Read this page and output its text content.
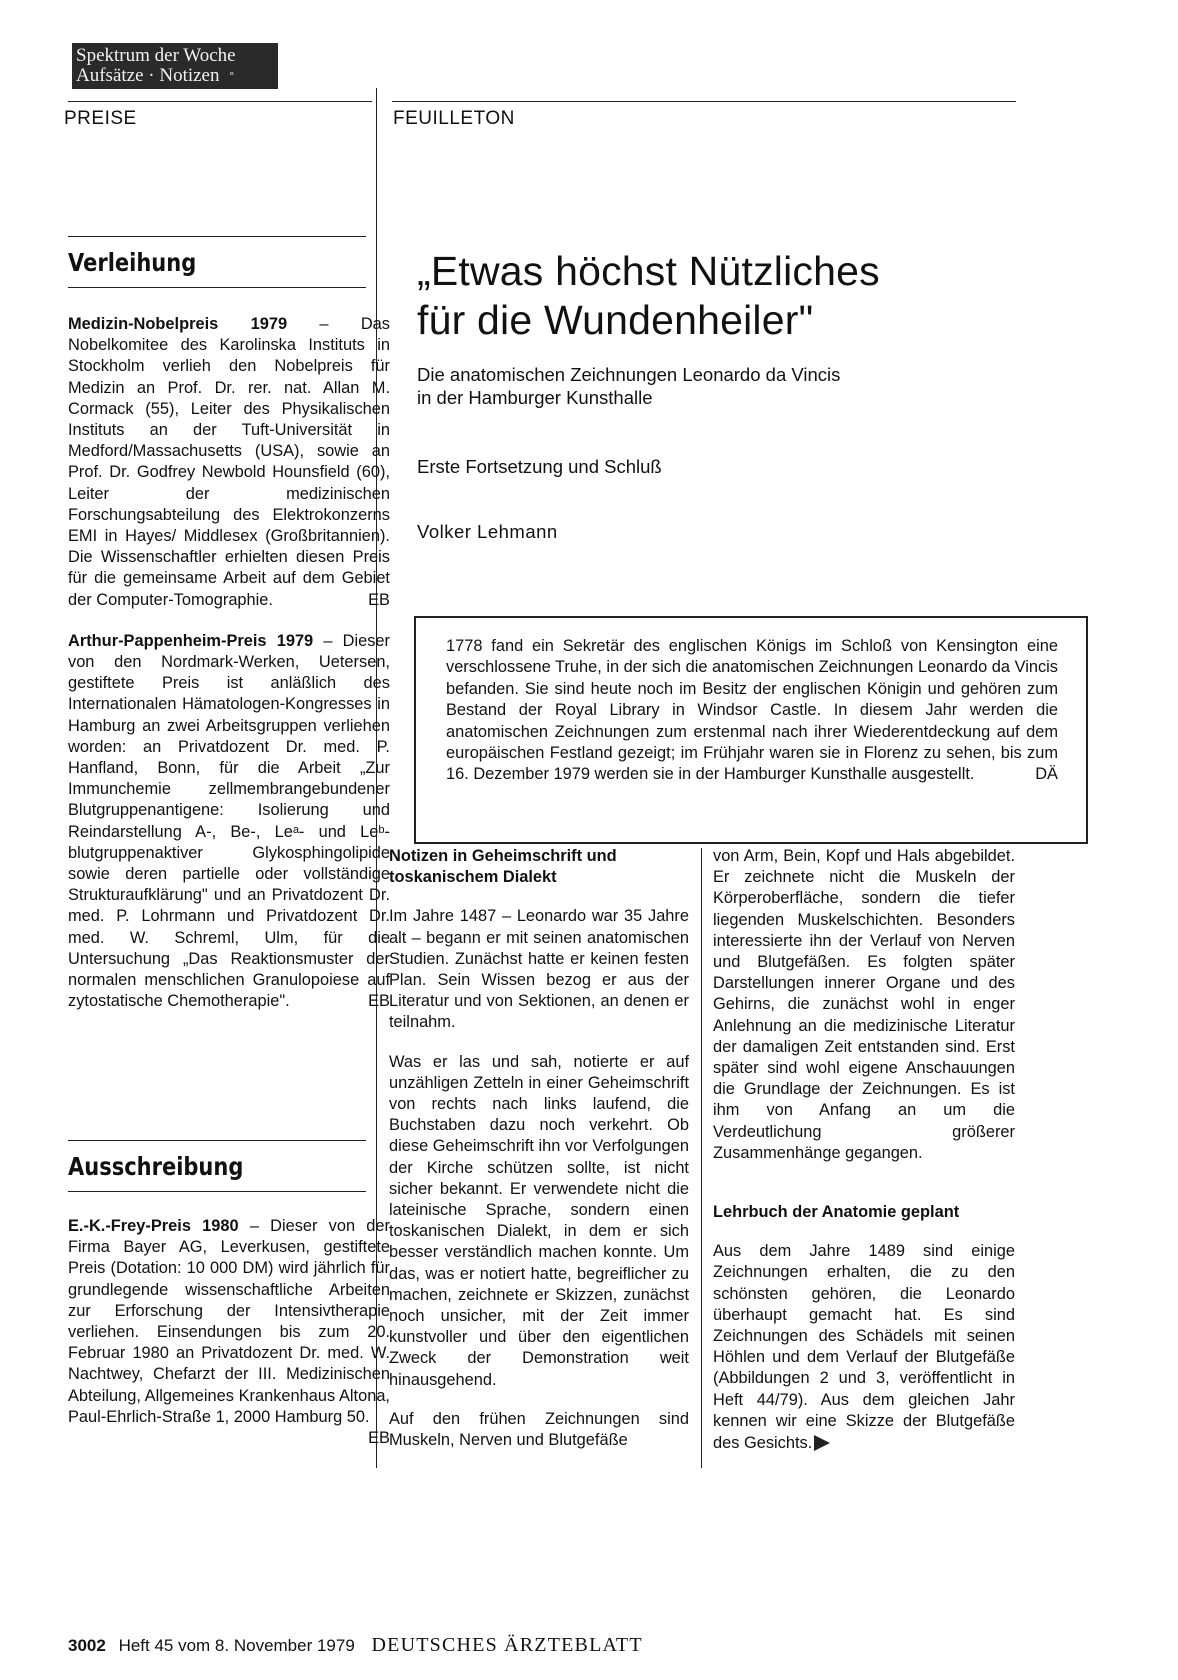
Spektrum der Woche
Aufsätze · Notizen °
PREISE	FEUILLETON
Verleihung

Medizin-Nobelpreis 1979 – Das Nobelkomitee des Karolinska Instituts in Stockholm verlieh den Nobelpreis für Medizin an Prof. Dr. rer. nat. Allan M. Cormack (55), Leiter des Physikalischen Instituts an der Tuft-Universität in Medford/Massachusetts (USA), sowie an Prof. Dr. Godfrey Newbold Hounsfield (60), Leiter der medizinischen Forschungsabteilung des Elektrokonzerns EMI in Hayes/ Middlesex (Großbritannien). Die Wissenschaftler erhielten diesen Preis für die gemeinsame Arbeit auf dem Gebiet der Computer-Tomographie.	EB

Arthur-Pappenheim-Preis 1979 – Dieser von den Nordmark-Werken, Uetersen, gestiftete Preis ist anläßlich des Internationalen Hämatologen-Kongresses in Hamburg an zwei Arbeitsgruppen verliehen worden: an Privatdozent Dr. med. P. Hanfland, Bonn, für die Arbeit „Zur Immunchemie zellmembrangebundener Blutgruppenantigene: Isolierung und Reindarstellung A-, Be-, Leᵃ- und Leᵇ-blutgruppenaktiver Glykosphingolipide sowie deren partielle oder vollständige Strukturaufklärung" und an Privatdozent Dr. med. P. Lohrmann und Privatdozent Dr. med. W. Schreml, Ulm, für die Untersuchung „Das Reaktionsmuster der normalen menschlichen Granulopoiese auf zytostatische Chemotherapie".	EB

Ausschreibung

E.-K.-Frey-Preis 1980 – Dieser von der Firma Bayer AG, Leverkusen, gestiftete Preis (Dotation: 10 000 DM) wird jährlich für grundlegende wissenschaftliche Arbeiten zur Erforschung der Intensivtherapie verliehen. Einsendungen bis zum 20. Februar 1980 an Privatdozent Dr. med. W. Nachtwey, Chefarzt der III. Medizinischen Abteilung, Allgemeines Krankenhaus Altona, Paul-Ehrlich-Straße 1, 2000 Hamburg 50.
EB

„Etwas höchst Nützliches
für die Wundenheiler"
Die anatomischen Zeichnungen Leonardo da Vincis
in der Hamburger Kunsthalle
Erste Fortsetzung und Schluß
Volker Lehmann

1778 fand ein Sekretär des englischen Königs im Schloß von Kensington eine verschlossene Truhe, in der sich die anatomischen Zeichnungen Leonardo da Vincis befanden. Sie sind heute noch im Besitz der englischen Königin und gehören zum Bestand der Royal Library in Windsor Castle. In diesem Jahr werden die anatomischen Zeichnungen zum erstenmal nach ihrer Wiederentdeckung auf dem europäischen Festland gezeigt; im Frühjahr waren sie in Florenz zu sehen, bis zum 16. Dezember 1979 werden sie in der Hamburger Kunsthalle ausgestellt.	DÄ

Notizen in Geheimschrift und toskanischem Dialekt

Im Jahre 1487 – Leonardo war 35 Jahre alt – begann er mit seinen anatomischen Studien. Zunächst hatte er keinen festen Plan. Sein Wissen bezog er aus der Literatur und von Sektionen, an denen er teilnahm.

Was er las und sah, notierte er auf unzähligen Zetteln in einer Geheimschrift von rechts nach links laufend, die Buchstaben dazu noch verkehrt. Ob diese Geheimschrift ihn vor Verfolgungen der Kirche schützen sollte, ist nicht sicher bekannt. Er verwendete nicht die lateinische Sprache, sondern einen toskanischen Dialekt, in dem er sich besser verständlich machen konnte. Um das, was er notiert hatte, begreiflicher zu machen, zeichnete er Skizzen, zunächst noch unsicher, mit der Zeit immer kunstvoller und über den eigentlichen Zweck der Demonstration weit hinausgehend.

Auf den frühen Zeichnungen sind Muskeln, Nerven und Blutgefäße

von Arm, Bein, Kopf und Hals abgebildet. Er zeichnete nicht die Muskeln der Körperoberfläche, sondern die tiefer liegenden Muskelschichten. Besonders interessierte ihn der Verlauf von Nerven und Blutgefäßen. Es folgten später Darstellungen innerer Organe und des Gehirns, die zunächst wohl in enger Anlehnung an die medizinische Literatur der damaligen Zeit entstanden sind. Erst später sind wohl eigene Anschauungen die Grundlage der Zeichnungen. Es ist ihm von Anfang an um die Verdeutlichung größerer Zusammenhänge gegangen.

Lehrbuch der Anatomie geplant

Aus dem Jahre 1489 sind einige Zeichnungen erhalten, die zu den schönsten gehören, die Leonardo überhaupt gemacht hat. Es sind Zeichnungen des Schädels mit seinen Höhlen und dem Verlauf der Blutgefäße (Abbildungen 2 und 3, veröffentlicht in Heft 44/79). Aus dem gleichen Jahr kennen wir eine Skizze der Blutgefäße des Gesichts.

3002 Heft 45 vom 8. November 1979 DEUTSCHES ÄRZTEBLATT
